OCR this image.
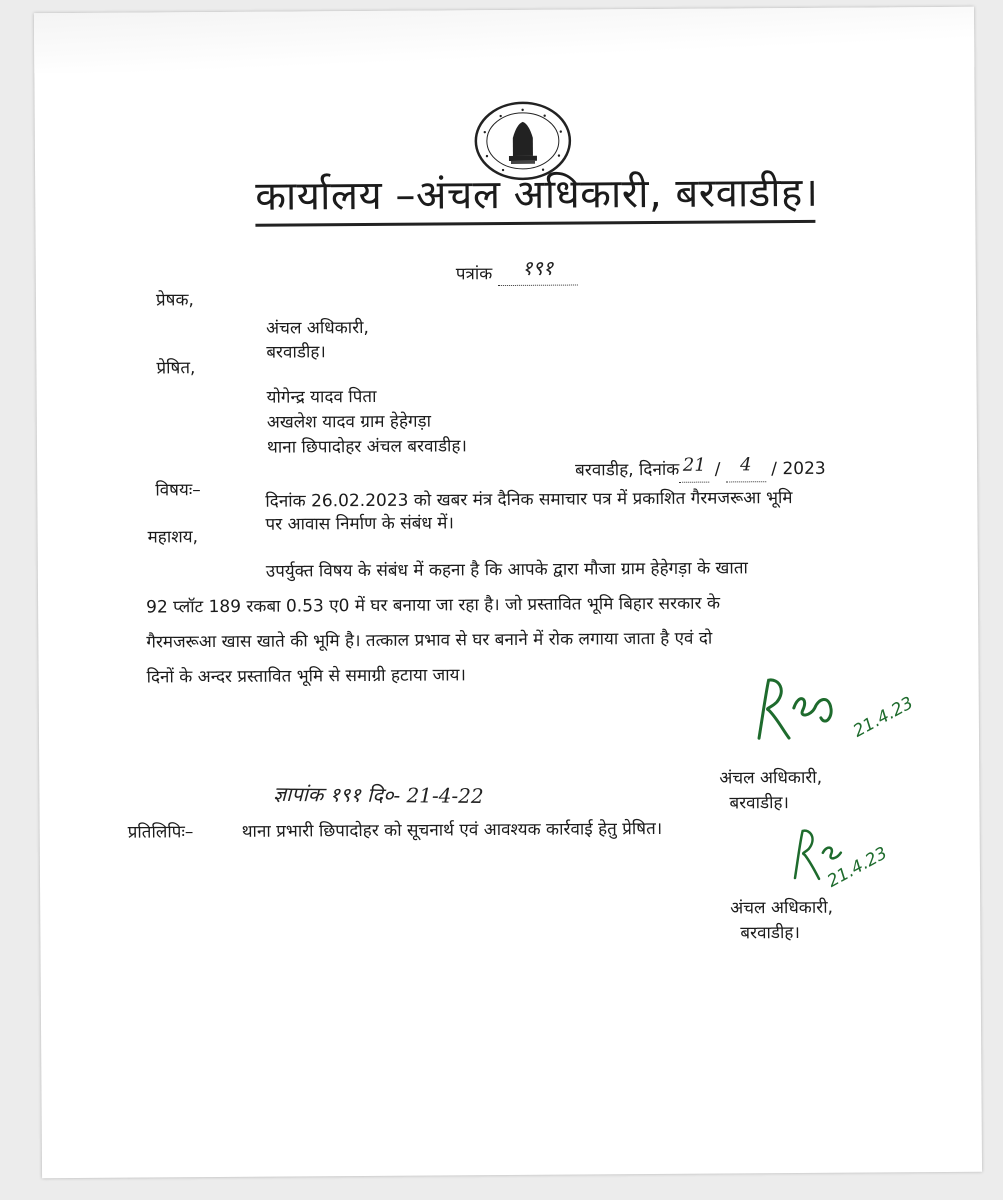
कार्यालय –अंचल अधिकारी, बरवाडीह।
पत्रांक १९१
प्रेषक,
अंचल अधिकारी,
बरवाडीह।
प्रेषित,
योगेन्द्र यादव पिता
अखलेश यादव ग्राम हेहेगड़ा
थाना छिपादोहर अंचल बरवाडीह।
बरवाडीह, दिनांक 21 / 4 / 2023
विषयः–	दिनांक 26.02.2023 को खबर मंत्र दैनिक समाचार पत्र में प्रकाशित गैरमजरूआ भूमि
पर आवास निर्माण के संबंध में।
महाशय,
उपर्युक्त विषय के संबंध में कहना है कि आपके द्वारा मौजा ग्राम हेहेगड़ा के खाता
92 प्लॉट 189 रकबा 0.53 ए0 में घर बनाया जा रहा है। जो प्रस्तावित भूमि बिहार सरकार के
गैरमजरूआ खास खाते की भूमि है। तत्काल प्रभाव से घर बनाने में रोक लगाया जाता है एवं दो
दिनों के अन्दर प्रस्तावित भूमि से समाग्री हटाया जाय।
21.4.23
अंचल अधिकारी,
बरवाडीह।
ज्ञापांक १९१ दि०- 21-4-22
प्रतिलिपिः–	थाना प्रभारी छिपादोहर को सूचनार्थ एवं आवश्यक कार्रवाई हेतु प्रेषित।
21.4.23
अंचल अधिकारी,
बरवाडीह।
